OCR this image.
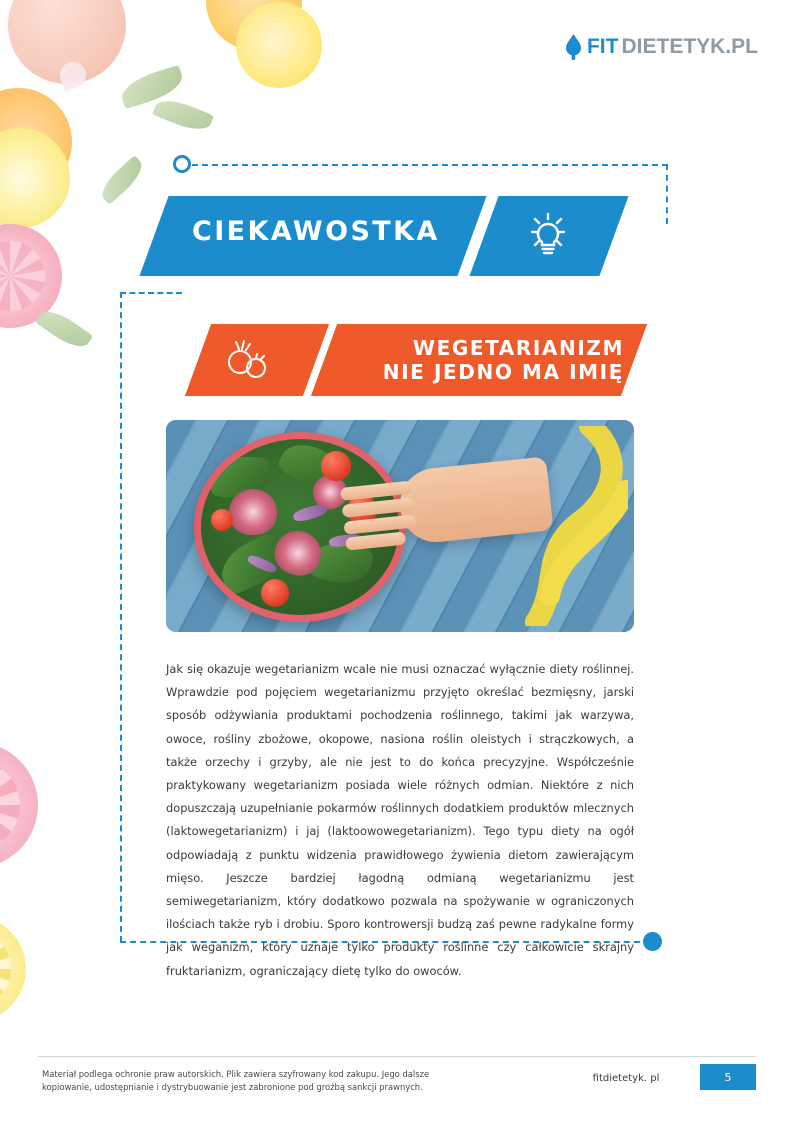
FIT DIETETYK.PL
CIEKAWOSTKA
WEGETARIANIZM
NIE JEDNO MA IMIĘ
Jak się okazuje wegetarianizm wcale nie musi oznaczać wyłącznie diety roślinnej. Wprawdzie pod pojęciem wegetarianizmu przyjęto określać bezmięsny, jarski sposób odżywiania produktami pochodzenia roślinnego, takimi jak warzywa, owoce, rośliny zbożowe, okopowe, nasiona roślin oleistych i strączkowych, a także orzechy i grzyby, ale nie jest to do końca precyzyjne. Współcześnie praktykowany wegetarianizm posiada wiele różnych odmian. Niektóre z nich dopuszczają uzupełnianie pokarmów roślinnych dodatkiem produktów mlecznych (laktowegetarianizm) i jaj (laktoowowegetarianizm). Tego typu diety na ogół odpowiadają z punktu widzenia prawidłowego żywienia dietom zawierającym mięso. Jeszcze bardziej łagodną odmianą wegetarianizmu jest semiwegetarianizm, który dodatkowo pozwala na spożywanie w ograniczonych ilościach także ryb i drobiu. Sporo kontrowersji budzą zaś pewne radykalne formy jak weganizm, który uznaje tylko produkty roślinne czy całkowicie skrajny fruktarianizm, ograniczający dietę tylko do owoców.
Materiał podlega ochronie praw autorskich. Plik zawiera szyfrowany kod zakupu. Jego dalsze
kopiowanie, udostępnianie i dystrybuowanie jest zabronione pod groźbą sankcji prawnych.
fitdietetyk. pl	5
